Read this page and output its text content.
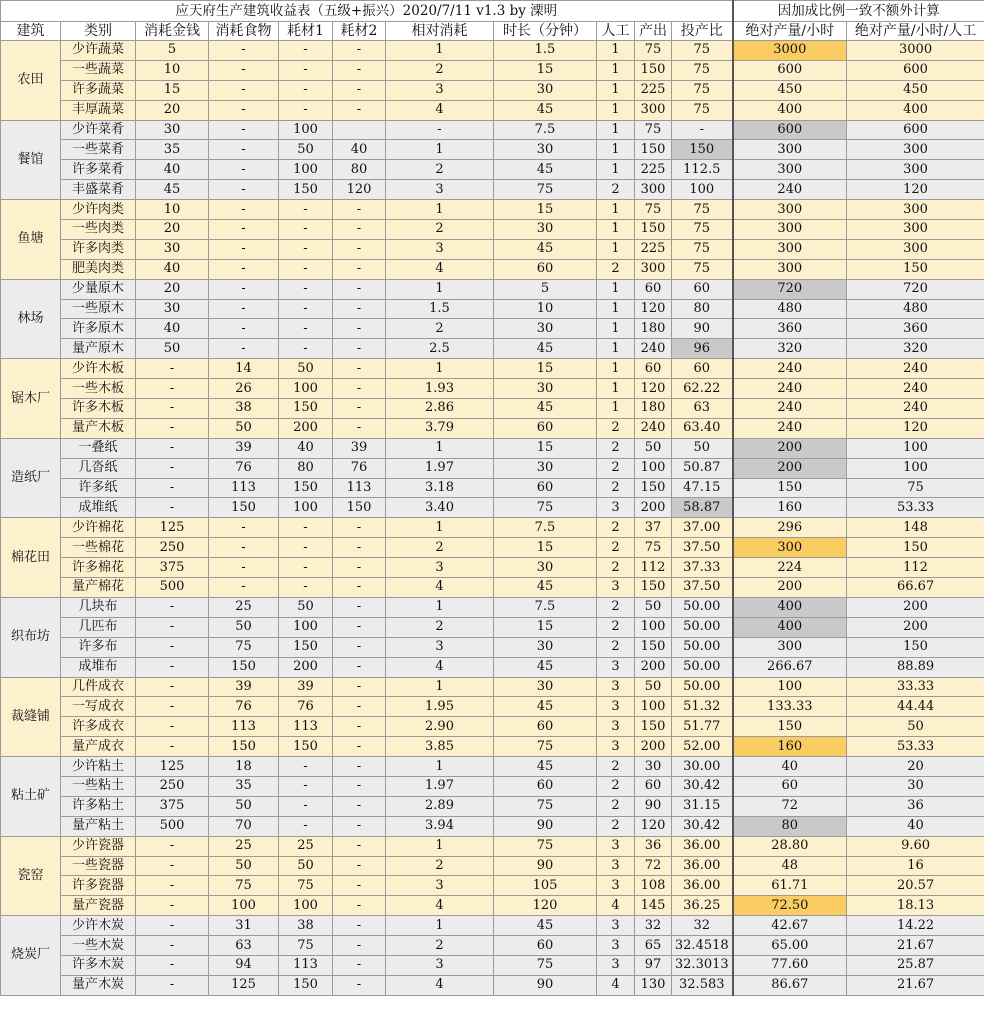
应天府生产建筑收益表（五级+振兴）2020/7/11 v1.3 by 溧明											因加成比例一致不额外计算	
建筑	类别	消耗金钱	消耗食物	耗材1	耗材2	相对消耗	时长（分钟）	人工	产出	投产比	绝对产量/小时	绝对产量/小时/人工
农田	少许蔬菜	5	-	-	-	1	1.5	1	75	75	3000	3000
	一些蔬菜	10	-	-	-	2	15	1	150	75	600	600
	许多蔬菜	15	-	-	-	3	30	1	225	75	450	450
	丰厚蔬菜	20	-	-	-	4	45	1	300	75	400	400
餐馆	少许菜肴	30	-	100		-	7.5	1	75	-	600	600
	一些菜肴	35	-	50	40	1	30	1	150	150	300	300
	许多菜肴	40	-	100	80	2	45	1	225	112.5	300	300
	丰盛菜肴	45	-	150	120	3	75	2	300	100	240	120
鱼塘	少许肉类	10	-	-	-	1	15	1	75	75	300	300
	一些肉类	20	-	-	-	2	30	1	150	75	300	300
	许多肉类	30	-	-	-	3	45	1	225	75	300	300
	肥美肉类	40	-	-	-	4	60	2	300	75	300	150
林场	少量原木	20	-	-	-	1	5	1	60	60	720	720
	一些原木	30	-	-	-	1.5	10	1	120	80	480	480
	许多原木	40	-	-	-	2	30	1	180	90	360	360
	量产原木	50	-	-	-	2.5	45	1	240	96	320	320
锯木厂	少许木板	-	14	50	-	1	15	1	60	60	240	240
	一些木板	-	26	100	-	1.93	30	1	120	62.22	240	240
	许多木板	-	38	150	-	2.86	45	1	180	63	240	240
	量产木板	-	50	200	-	3.79	60	2	240	63.40	240	120
造纸厂	一叠纸	-	39	40	39	1	15	2	50	50	200	100
	几沓纸	-	76	80	76	1.97	30	2	100	50.87	200	100
	许多纸	-	113	150	113	3.18	60	2	150	47.15	150	75
	成堆纸	-	150	100	150	3.40	75	3	200	58.87	160	53.33
棉花田	少许棉花	125	-	-	-	1	7.5	2	37	37.00	296	148
	一些棉花	250	-	-	-	2	15	2	75	37.50	300	150
	许多棉花	375	-	-	-	3	30	2	112	37.33	224	112
	量产棉花	500	-	-	-	4	45	3	150	37.50	200	66.67
织布坊	几块布	-	25	50	-	1	7.5	2	50	50.00	400	200
	几匹布	-	50	100	-	2	15	2	100	50.00	400	200
	许多布	-	75	150	-	3	30	2	150	50.00	300	150
	成堆布	-	150	200	-	4	45	3	200	50.00	266.67	88.89
裁缝铺	几件成衣	-	39	39	-	1	30	3	50	50.00	100	33.33
	一写成衣	-	76	76	-	1.95	45	3	100	51.32	133.33	44.44
	许多成衣	-	113	113	-	2.90	60	3	150	51.77	150	50
	量产成衣	-	150	150	-	3.85	75	3	200	52.00	160	53.33
粘土矿	少许粘土	125	18	-	-	1	45	2	30	30.00	40	20
	一些粘土	250	35	-	-	1.97	60	2	60	30.42	60	30
	许多粘土	375	50	-	-	2.89	75	2	90	31.15	72	36
	量产粘土	500	70	-	-	3.94	90	2	120	30.42	80	40
瓷窑	少许瓷器	-	25	25	-	1	75	3	36	36.00	28.80	9.60
	一些瓷器	-	50	50	-	2	90	3	72	36.00	48	16
	许多瓷器	-	75	75	-	3	105	3	108	36.00	61.71	20.57
	量产瓷器	-	100	100	-	4	120	4	145	36.25	72.50	18.13
烧炭厂	少许木炭	-	31	38	-	1	45	3	32	32	42.67	14.22
	一些木炭	-	63	75	-	2	60	3	65	32.4518	65.00	21.67
	许多木炭	-	94	113	-	3	75	3	97	32.3013	77.60	25.87
	量产木炭	-	125	150	-	4	90	4	130	32.583	86.67	21.67
